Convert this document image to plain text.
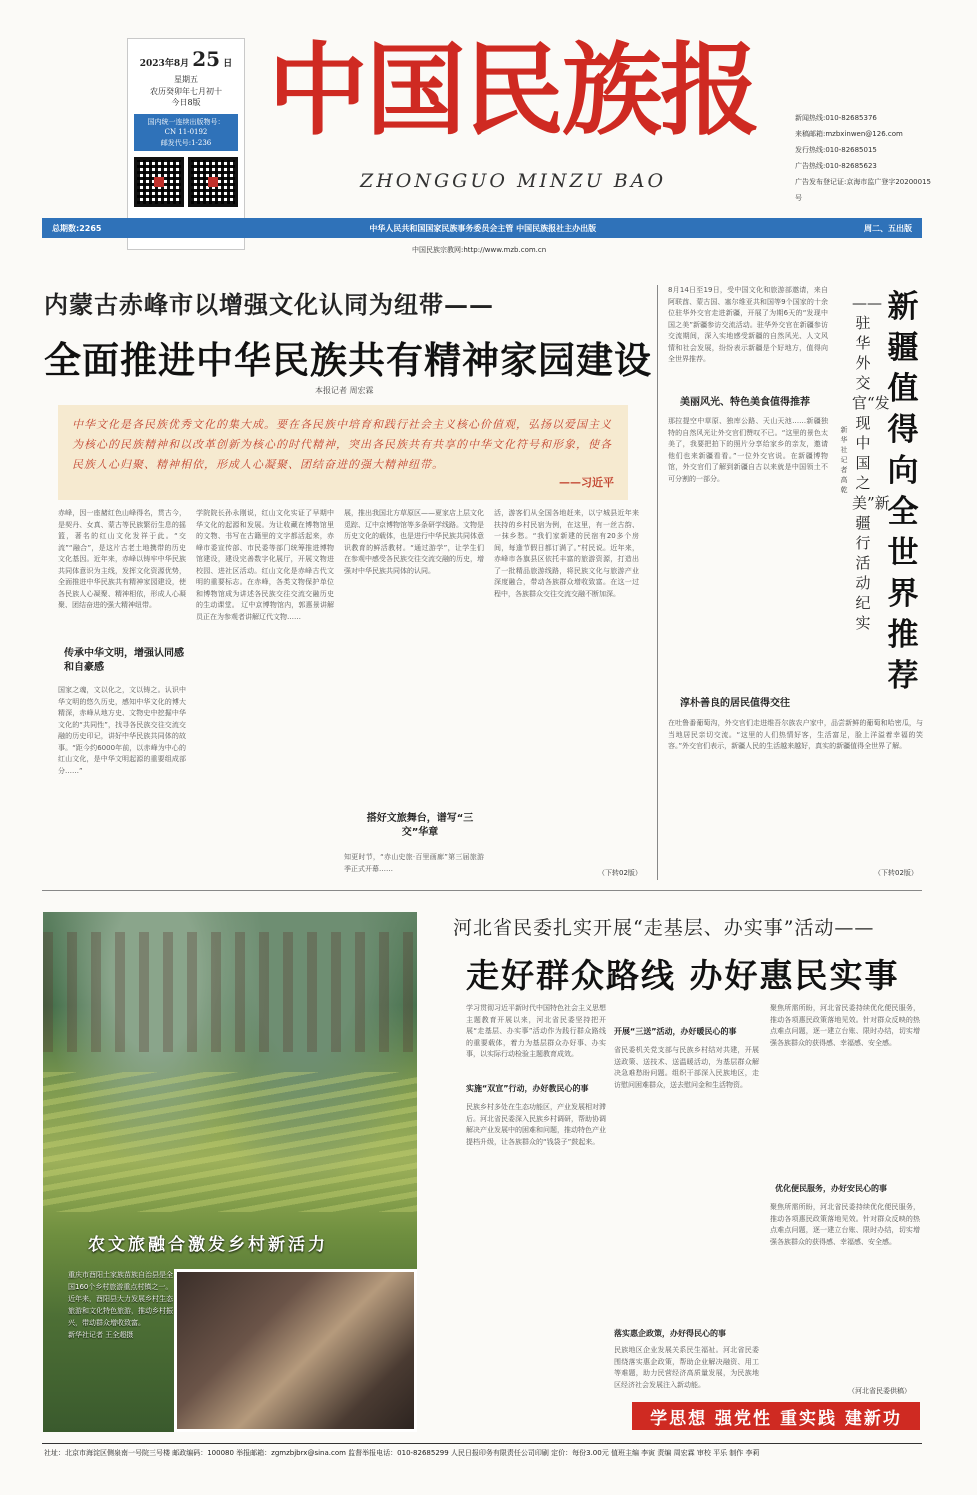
2023年8月 25 日
星期五
农历癸卯年七月初十
今日8版
国内统一连续出版物号：
CN 11-0192
邮发代号:1-236 中国民族报
ZHONGGUO MINZU BAO
新闻热线:010-82685376
来稿邮箱:mzbxinwen@126.com
发行热线:010-82685015
广告热线:010-82685623
广告发布登记证:京海市监广登字20200015号
总期数:2265	中华人民共和国国家民族事务委员会主管 中国民族报社主办出版	周二、五出版
中国民族宗教网:http://www.mzb.com.cn
内蒙古赤峰市以增强文化认同为纽带——
全面推进中华民族共有精神家园建设
本报记者 周宏霖
中华文化是各民族优秀文化的集大成。要在各民族中培育和践行社会主义核心价值观，弘扬以爱国主义为核心的民族精神和以改革创新为核心的时代精神，突出各民族共有共享的中华文化符号和形象，使各民族人心归聚、精神相依，形成人心凝聚、团结奋进的强大精神纽带。
——习近平
赤峰，因一座赭红色山峰得名，贯古今，是契丹、女真、蒙古等民族繁衍生息的摇篮，著名的红山文化发祥于此。“交流”“融合”，是这片古老土地携带的历史文化基因。近年来，赤峰以铸牢中华民族共同体意识为主线，发挥文化资源优势，全面推进中华民族共有精神家园建设，使各民族人心凝聚、精神相依，形成人心凝聚、团结奋进的强大精神纽带。
传承中华文明，增强认同感和自豪感
国家之魂，文以化之，文以铸之。认识中华文明的悠久历史，感知中华文化的博大精深，赤峰从地方史、文物史中挖掘中华文化的“共同性”，找寻各民族交往交流交融的历史印记，讲好中华民族共同体的故事。“距今约6000年前，以赤峰为中心的红山文化，是中华文明起源的重要组成部分……”
学院院长孙永刚说，红山文化实证了早期中华文化的起源和发展。为让收藏在博物馆里的文物、书写在古籍里的文字都活起来，赤峰市委宣传部、市民委等部门统筹推进博物馆建设，建设完善数字化展厅，开展文物进校园、进社区活动。红山文化是赤峰古代文明的重要标志。在赤峰，各类文物保护单位和博物馆成为讲述各民族交往交流交融历史的生动课堂。 辽中京博物馆内，郭惠景讲解员正在为参观者讲解辽代文物……
展，推出我国北方草原区——夏家店上层文化觅踪、辽中京博物馆等多条研学线路。文物是历史文化的载体，也是进行中华民族共同体意识教育的鲜活教材。“通过游学”，让学生们在参观中感受各民族交往交流交融的历史，增强对中华民族共同体的认同。
搭好文旅舞台，谱写“三交”华章
知更时节，“赤山史旅·百里画廊”第三届旅游季正式开幕……
活，游客们从全国各地赶来，以宁城县近年来扶持的乡村民宿为例，在这里，有一丝古韵、一抹乡愁。“我们家新建的民宿有20多个房间，每逢节假日都订满了。”村民说。近年来，赤峰市各旗县区依托丰富的旅游资源，打造出了一批精品旅游线路，将民族文化与旅游产业深度融合，带动各族群众增收致富。在这一过程中，各族群众交往交流交融不断加深。
（下转02版）
8月14日至19日，受中国文化和旅游部邀请，来自阿联酋、蒙古国、塞尔维亚共和国等9个国家的十余位驻华外交官走进新疆，开展了为期6天的“发现中国之美”新疆参访交流活动。驻华外交官在新疆参访交流期间，深入实地感受新疆的自然风光、人文风情和社会发展，纷纷表示新疆是个好地方，值得向全世界推荐。
美丽风光、特色美食值得推荐
那拉提空中草原、独库公路、天山天池……新疆独特的自然风光让外交官们赞叹不已。“这里的景色太美了，我要把拍下的照片分享给家乡的亲友，邀请他们也来新疆看看。”一位外交官说。在新疆博物馆，外交官们了解到新疆自古以来就是中国领土不可分割的一部分。
淳朴善良的居民值得交往
在吐鲁番葡萄沟，外交官们走进维吾尔族农户家中，品尝新鲜的葡萄和哈密瓜，与当地居民亲切交流。“这里的人们热情好客，生活富足，脸上洋溢着幸福的笑容。”外交官们表示，新疆人民的生活越来越好，真实的新疆值得全世界了解。
（下转02版）
新疆值得向全世界推荐
——驻华外交官“发现中国之美”新疆行活动纪实
新华社记者 高乾
农文旅融合激发乡村新活力
重庆市酉阳土家族苗族自治县是全国160个乡村旅游重点村镇之一。近年来，酉阳县大力发展乡村生态旅游和文化特色旅游，推动乡村振兴，带动群众增收致富。
新华社记者 王全超摄
河北省民委扎实开展“走基层、办实事”活动——
走好群众路线 办好惠民实事
学习贯彻习近平新时代中国特色社会主义思想主题教育开展以来，河北省民委坚持把开展“走基层、办实事”活动作为践行群众路线的重要载体，着力为基层群众办好事、办实事，以实际行动检验主题教育成效。
实施“双宣”行动，办好教民心的事
民族乡村多处在生态功能区，产业发展相对滞后。河北省民委深入民族乡村调研，帮助协调解决产业发展中的困难和问题，推动特色产业提档升级，让各族群众的“钱袋子”鼓起来。
开展“三送”活动，办好暖民心的事
省民委机关党支部与民族乡村结对共建，开展送政策、送技术、送温暖活动，为基层群众解决急难愁盼问题。组织干部深入民族地区，走访慰问困难群众，送去慰问金和生活物资。
落实惠企政策，办好得民心的事
民族地区企业发展关系民生福祉。河北省民委围绕落实惠企政策，帮助企业解决融资、用工等难题，助力民营经济高质量发展，为民族地区经济社会发展注入新动能。
聚焦所需所盼，河北省民委持续优化便民服务，推动各项惠民政策落地见效。针对群众反映的热点难点问题，逐一建立台账、限时办结，切实增强各族群众的获得感、幸福感、安全感。
优化便民服务，办好安民心的事
聚焦所需所盼，河北省民委持续优化便民服务，推动各项惠民政策落地见效。针对群众反映的热点难点问题，逐一建立台账、限时办结，切实增强各族群众的获得感、幸福感、安全感。
（河北省民委供稿）
学思想 强党性 重实践 建新功
社址：北京市海淀区侧泉南一号院三号楼 邮政编码：100080 举报邮箱：zgmzbjbrx@sina.com 监督举报电话：010-82685299 人民日报印务有限责任公司印刷 定价：每份3.00元 值班主编 李寅 责编 周宏霖 审校 平乐 制作 李莉
